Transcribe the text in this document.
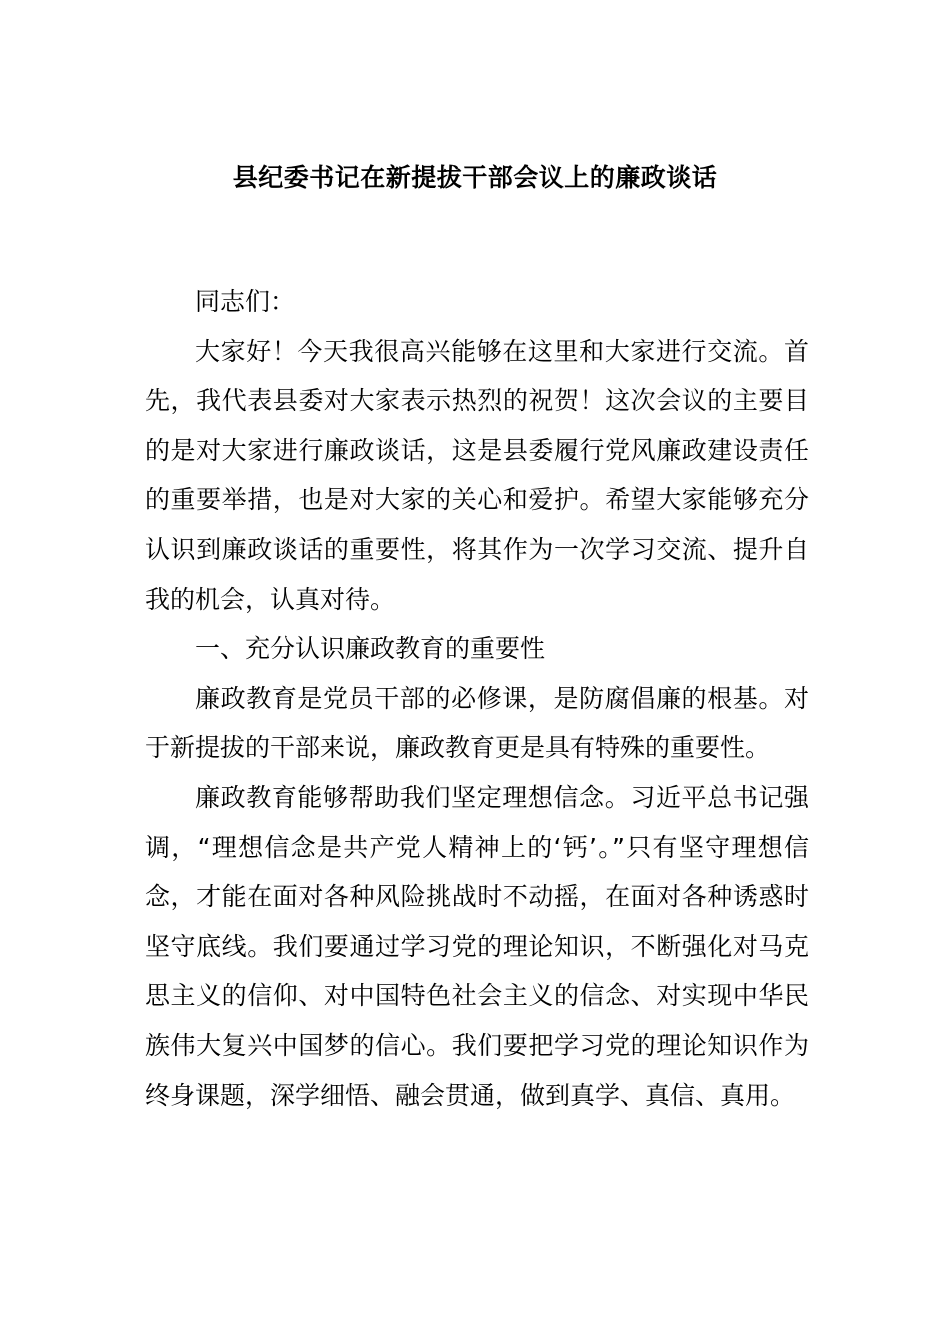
县纪委书记在新提拔干部会议上的廉政谈话

同志们：

大家好！今天我很高兴能够在这里和大家进行交流。首先，我代表县委对大家表示热烈的祝贺！这次会议的主要目的是对大家进行廉政谈话，这是县委履行党风廉政建设责任的重要举措，也是对大家的关心和爱护。希望大家能够充分认识到廉政谈话的重要性，将其作为一次学习交流、提升自我的机会，认真对待。

一、充分认识廉政教育的重要性

廉政教育是党员干部的必修课，是防腐倡廉的根基。对于新提拔的干部来说，廉政教育更是具有特殊的重要性。

廉政教育能够帮助我们坚定理想信念。习近平总书记强调，“理想信念是共产党人精神上的‘钙’。”只有坚守理想信念，才能在面对各种风险挑战时不动摇，在面对各种诱惑时坚守底线。我们要通过学习党的理论知识，不断强化对马克思主义的信仰、对中国特色社会主义的信念、对实现中华民族伟大复兴中国梦的信心。我们要把学习党的理论知识作为终身课题，深学细悟、融会贯通，做到真学、真信、真用。
